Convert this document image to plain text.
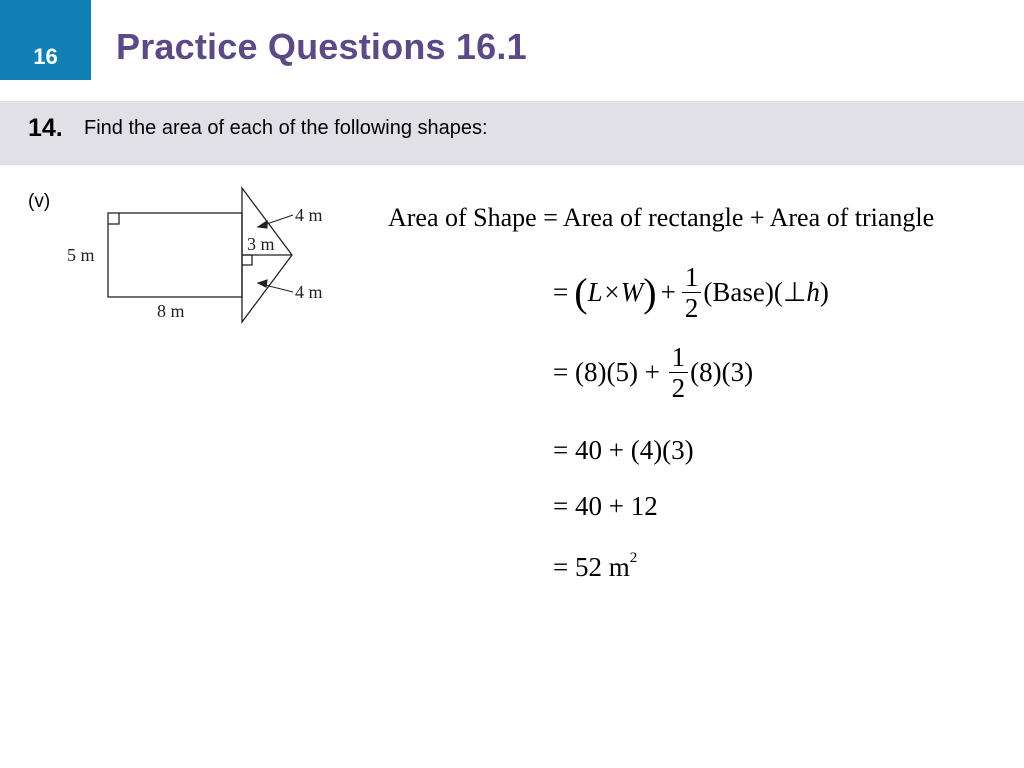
16	Practice Questions 16.1
14. Find the area of each of the following shapes:
(v)
4 m
3 m
5 m
4 m
8 m
Area of Shape = Area of rectangle + Area of triangle
= ( L×W ) + $\frac{1}{2}$ (Base)(⊥ h )
= $(8)(5) + \frac{1}{2} (8)(3)$
= 40 + (4)(3)
= 40 + 12
= 52 $m^2$
